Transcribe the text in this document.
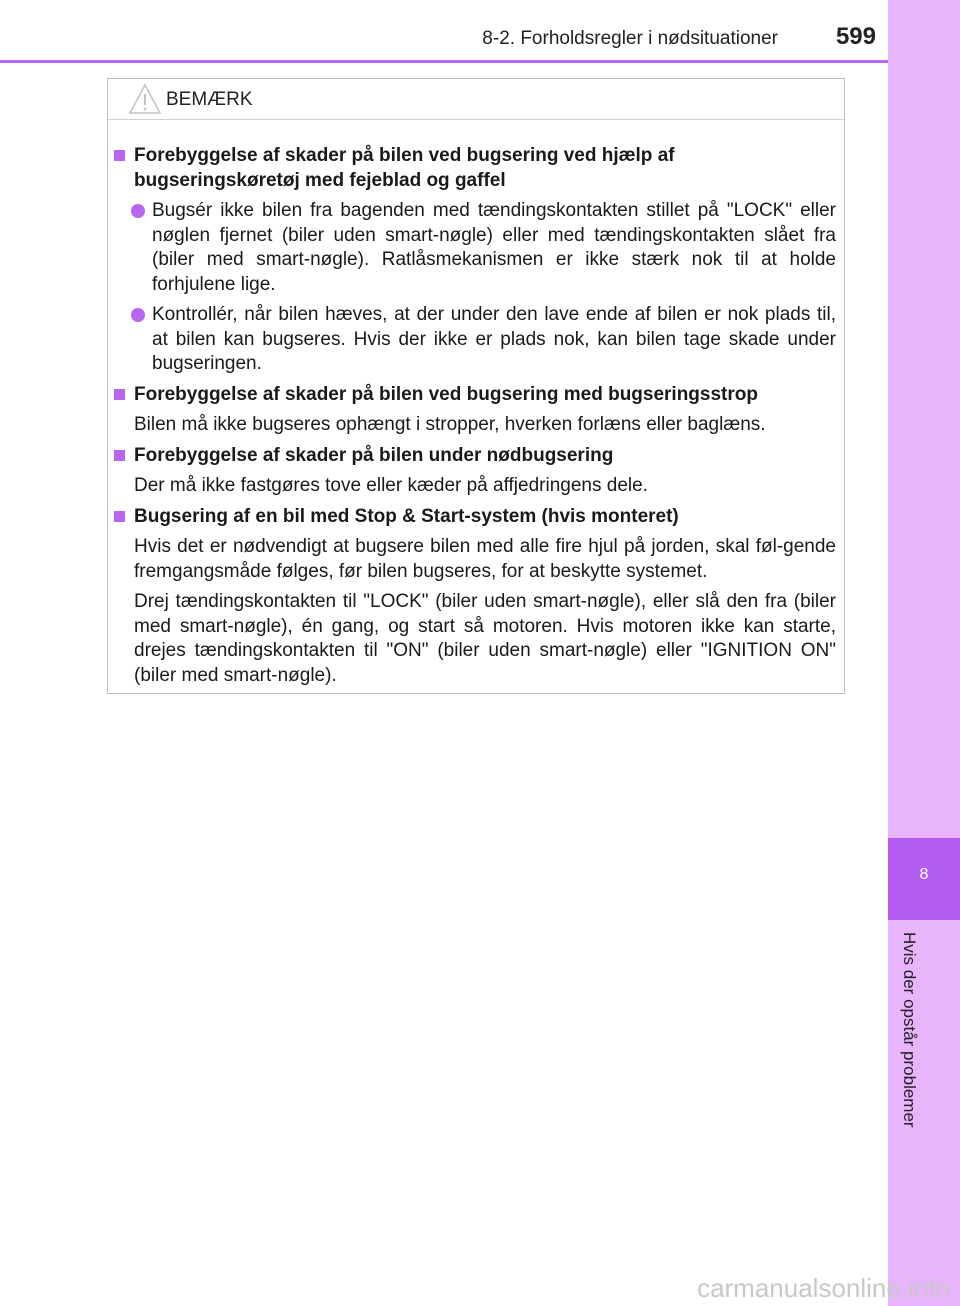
8-2. Forholdsregler i nødsituationer 599
8
Hvis der opstår problemer
BEMÆRK
Forebyggelse af skader på bilen ved bugsering ved hjælp af bugseringskøretøj med fejeblad og gaffel
Bugsér ikke bilen fra bagenden med tændingskontakten stillet på "LOCK" eller nøglen fjernet (biler uden smart-nøgle) eller med tændingskontakten slået fra (biler med smart-nøgle). Ratlåsmekanismen er ikke stærk nok til at holde forhjulene lige.
Kontrollér, når bilen hæves, at der under den lave ende af bilen er nok plads til, at bilen kan bugseres. Hvis der ikke er plads nok, kan bilen tage skade under bugseringen.
Forebyggelse af skader på bilen ved bugsering med bugseringsstrop
Bilen må ikke bugseres ophængt i stropper, hverken forlæns eller baglæns.
Forebyggelse af skader på bilen under nødbugsering
Der må ikke fastgøres tove eller kæder på affjedringens dele.
Bugsering af en bil med Stop & Start-system (hvis monteret)
Hvis det er nødvendigt at bugsere bilen med alle fire hjul på jorden, skal føl-gende fremgangsmåde følges, før bilen bugseres, for at beskytte systemet.
Drej tændingskontakten til "LOCK" (biler uden smart-nøgle), eller slå den fra (biler med smart-nøgle), én gang, og start så motoren. Hvis motoren ikke kan starte, drejes tændingskontakten til "ON" (biler uden smart-nøgle) eller "IGNITION ON" (biler med smart-nøgle).
carmanualsonline.info
